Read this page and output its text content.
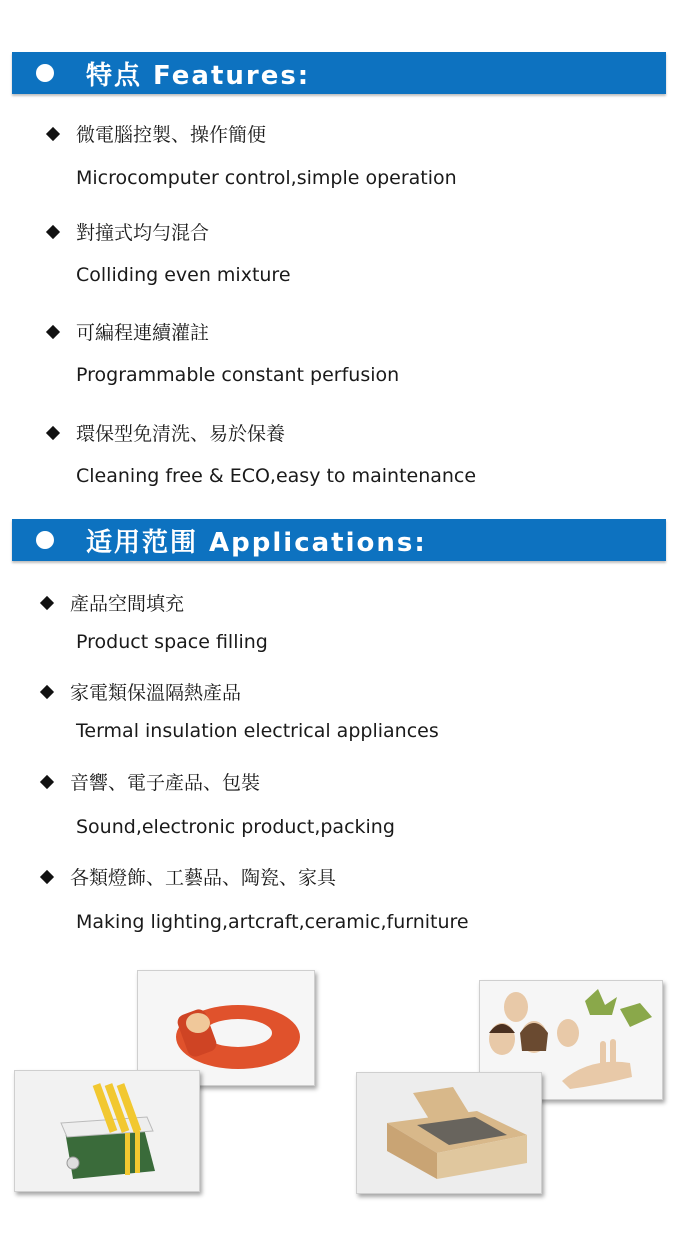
特点 Features:
微電腦控製、操作簡便
Microcomputer control,simple operation
對撞式均勻混合
Colliding even mixture
可編程連續灌註
Programmable constant perfusion
環保型免清洗、易於保養
Cleaning free & ECO,easy to maintenance
适用范围 Applications:
產品空間填充
Product space filling
家電類保溫隔熱產品
Termal insulation electrical appliances
音響、電子產品、包裝
Sound,electronic product,packing
各類燈飾、工藝品、陶瓷、家具
Making lighting,artcraft,ceramic,furniture
